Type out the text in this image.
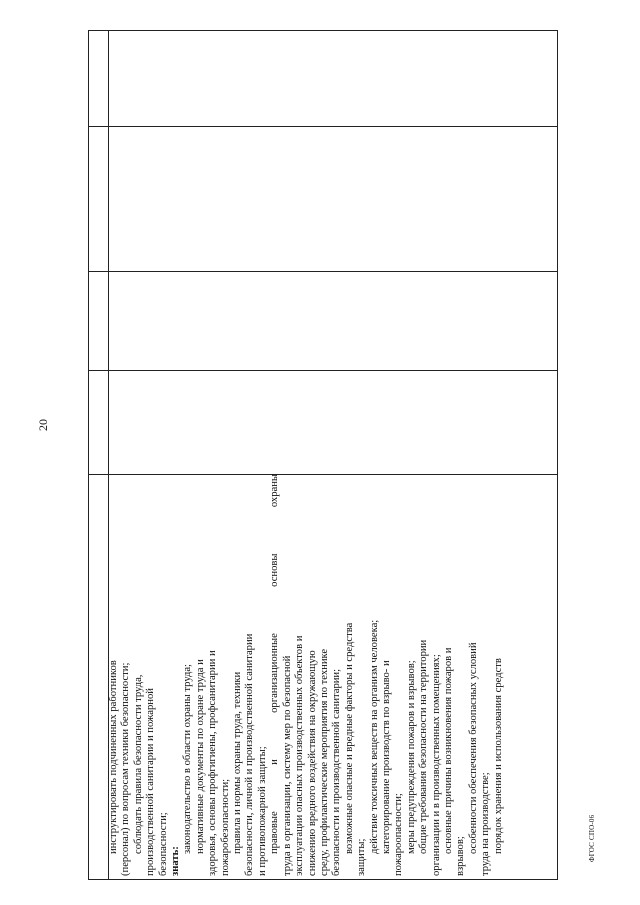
20
инструктировать подчиненных работников (персонал) по вопросам техники безопасности; соблюдать правила безопасности труда, производственной санитарии и пожарной безопасности; знать:
законодательство в области охраны труда; нормативные документы по охране труда и здоровья, основы профгигиены, профсанитарии и пожаробезопасности; правила и нормы охраны труда, техники безопасности, личной и производственной санитарии и противопожарной защиты; правовые и организационные основы охраны труда в организации, систему мер по безопасной эксплуатации опасных производственных объектов и снижению вредного воздействия на окружающую среду, профилактические мероприятия по технике безопасности и производственной санитарии; возможные опасные и вредные факторы и средства
защиты;
действие токсичных веществ на организм человека; категорирование производств по взрыво- и пожароопасности; меры предупреждения пожаров и взрывов; общие требования безопасности на территории организации и в производственных помещениях; основные причины возникновения пожаров и
взрывов;
особенности обеспечения безопасных условий труда на производстве; порядок хранения и использования средств	ФГОС СПО-06
